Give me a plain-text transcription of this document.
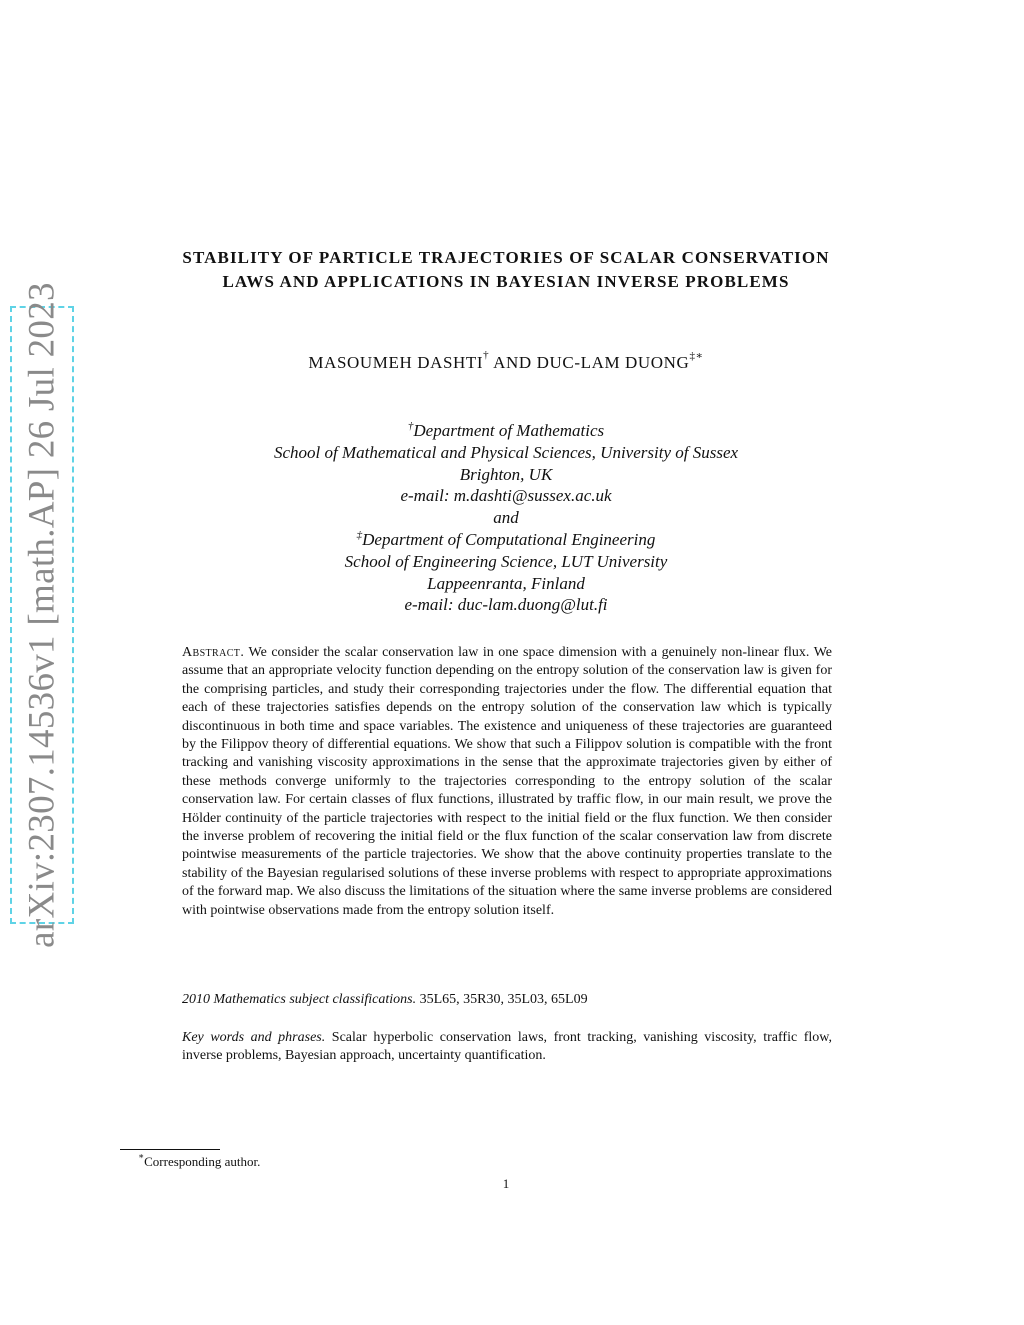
arXiv:2307.14536v1 [math.AP] 26 Jul 2023
STABILITY OF PARTICLE TRAJECTORIES OF SCALAR CONSERVATION
LAWS AND APPLICATIONS IN BAYESIAN INVERSE PROBLEMS
MASOUMEH DASHTI† AND DUC-LAM DUONG‡∗
†Department of Mathematics
School of Mathematical and Physical Sciences, University of Sussex
Brighton, UK
e-mail: m.dashti@sussex.ac.uk
and
‡Department of Computational Engineering
School of Engineering Science, LUT University
Lappeenranta, Finland
e-mail: duc-lam.duong@lut.fi
Abstract. We consider the scalar conservation law in one space dimension with a genuinely non-linear flux. We assume that an appropriate velocity function depending on the entropy solution of the conservation law is given for the comprising particles, and study their corresponding trajectories under the flow. The differential equation that each of these trajectories satisfies depends on the entropy solution of the conservation law which is typically discontinuous in both time and space variables. The existence and uniqueness of these trajectories are guaranteed by the Filippov theory of differential equations. We show that such a Filippov solution is compatible with the front tracking and vanishing viscosity approximations in the sense that the approximate trajectories given by either of these methods converge uniformly to the trajectories corresponding to the entropy solution of the scalar conservation law. For certain classes of flux functions, illustrated by traffic flow, in our main result, we prove the Hölder continuity of the particle trajectories with respect to the initial field or the flux function. We then consider the inverse problem of recovering the initial field or the flux function of the scalar conservation law from discrete pointwise measurements of the particle trajectories. We show that the above continuity properties translate to the stability of the Bayesian regularised solutions of these inverse problems with respect to appropriate approximations of the forward map. We also discuss the limitations of the situation where the same inverse problems are considered with pointwise observations made from the entropy solution itself.
2010 Mathematics subject classifications. 35L65, 35R30, 35L03, 65L09
Key words and phrases. Scalar hyperbolic conservation laws, front tracking, vanishing viscosity, traffic flow, inverse problems, Bayesian approach, uncertainty quantification.
∗Corresponding author.
1
